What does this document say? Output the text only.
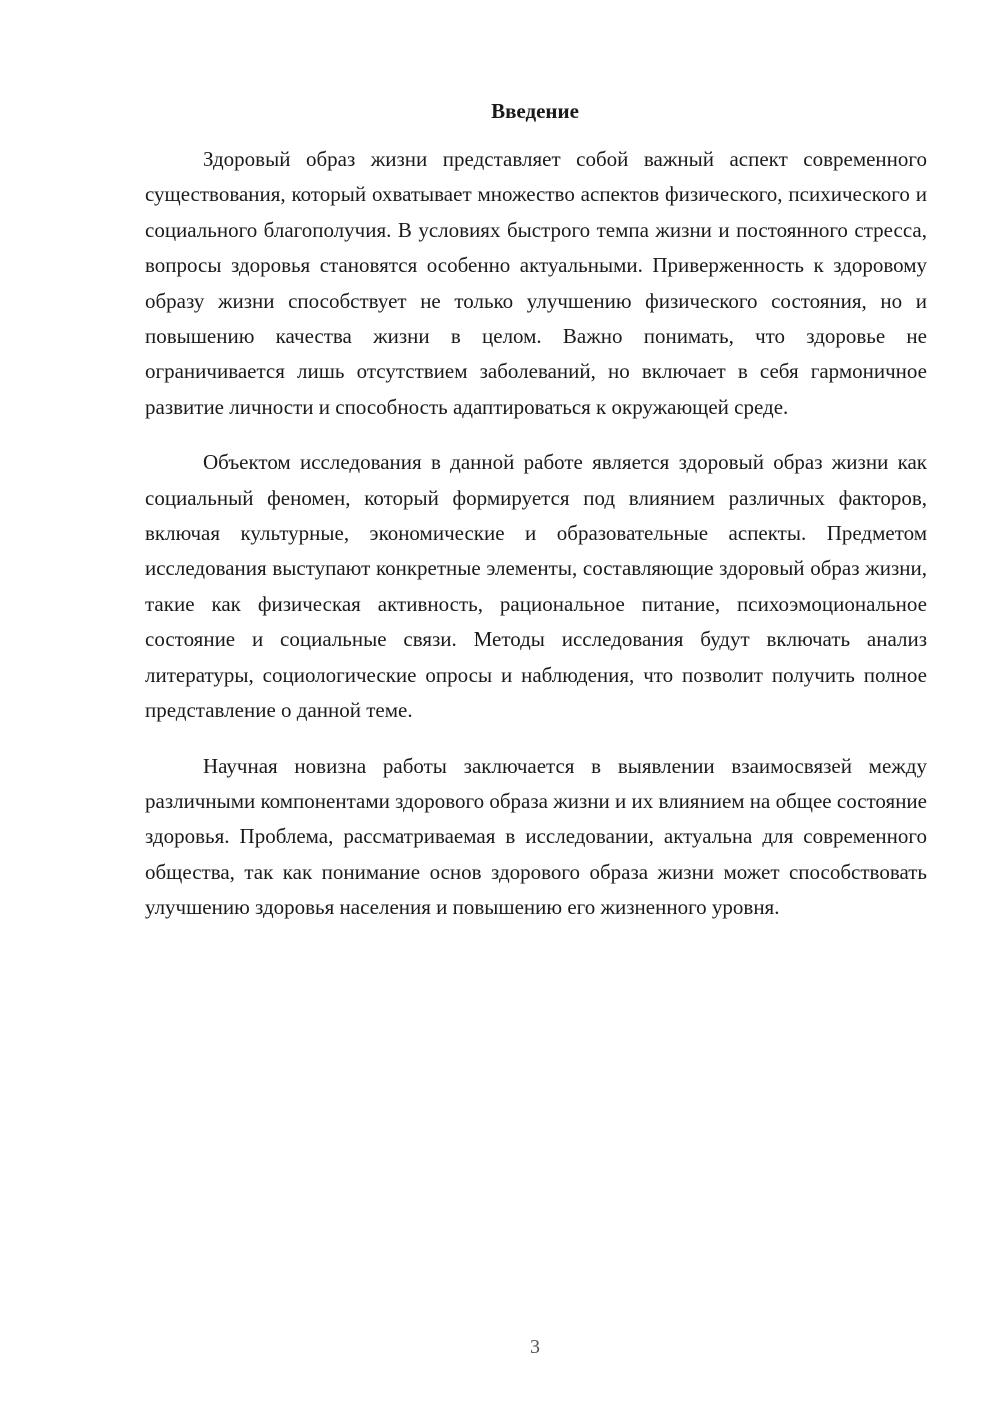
Введение

Здоровый образ жизни представляет собой важный аспект современного существования, который охватывает множество аспектов физического, психического и социального благополучия. В условиях быстрого темпа жизни и постоянного стресса, вопросы здоровья становятся особенно актуальными. Приверженность к здоровому образу жизни способствует не только улучшению физического состояния, но и повышению качества жизни в целом. Важно понимать, что здоровье не ограничивается лишь отсутствием заболеваний, но включает в себя гармоничное развитие личности и способность адаптироваться к окружающей среде.

Объектом исследования в данной работе является здоровый образ жизни как социальный феномен, который формируется под влиянием различных факторов, включая культурные, экономические и образовательные аспекты. Предметом исследования выступают конкретные элементы, составляющие здоровый образ жизни, такие как физическая активность, рациональное питание, психоэмоциональное состояние и социальные связи. Методы исследования будут включать анализ литературы, социологические опросы и наблюдения, что позволит получить полное представление о данной теме.

Научная новизна работы заключается в выявлении взаимосвязей между различными компонентами здорового образа жизни и их влиянием на общее состояние здоровья. Проблема, рассматриваемая в исследовании, актуальна для современного общества, так как понимание основ здорового образа жизни может способствовать улучшению здоровья населения и повышению его жизненного уровня.

3
